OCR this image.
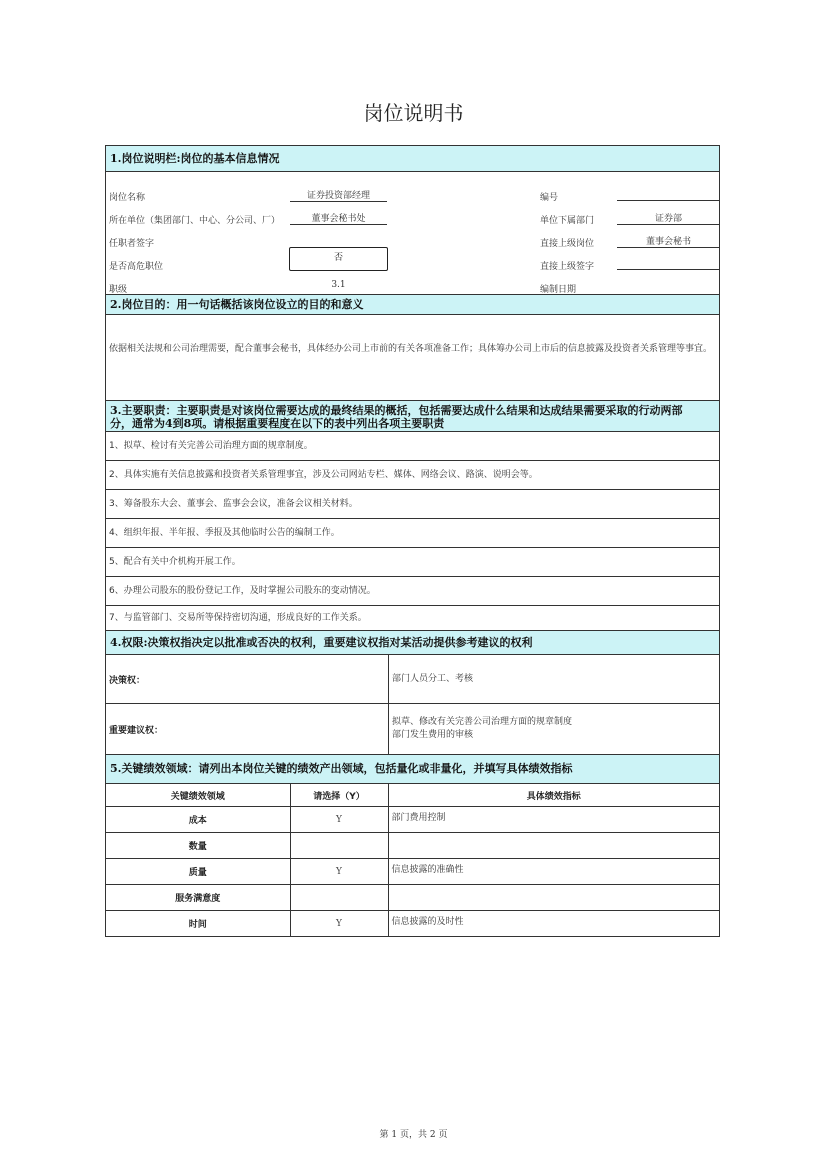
岗位说明书
1.岗位说明栏:岗位的基本信息情况
岗位名称	证券投资部经理
所在单位（集团部门、中心、分公司、厂）	董事会秘书处
任职者签字
是否高危职位
否
职级	3.1
编号
单位下属部门	证券部
直接上级岗位	董事会秘书
直接上级签字
编制日期
2.岗位目的：用一句话概括该岗位设立的目的和意义
依据相关法规和公司治理需要，配合董事会秘书，具体经办公司上市前的有关各项准备工作；具体筹办公司上市后的信息披露及投资者关系管理等事宜。
3.主要职责：主要职责是对该岗位需要达成的最终结果的概括，包括需要达成什么结果和达成结果需要采取的行动两部
分，通常为4到8项。请根据重要程度在以下的表中列出各项主要职责
1、拟草、检讨有关完善公司治理方面的规章制度。
2、具体实施有关信息披露和投资者关系管理事宜，涉及公司网站专栏、媒体、网络会议、路演、说明会等。
3、筹备股东大会、董事会、监事会会议，准备会议相关材料。
4、组织年报、半年报、季报及其他临时公告的编制工作。
5、配合有关中介机构开展工作。
6、办理公司股东的股份登记工作，及时掌握公司股东的变动情况。
7、与监管部门、交易所等保持密切沟通，形成良好的工作关系。
4.权限:决策权指决定以批准或否决的权利，重要建议权指对某活动提供参考建议的权利
决策权：	部门人员分工、考核
重要建议权：
拟草、修改有关完善公司治理方面的规章制度
部门发生费用的审核
5.关键绩效领域：请列出本岗位关键的绩效产出领域，包括量化或非量化，并填写具体绩效指标
关键绩效领域	请选择（Y）	具体绩效指标
成本	Y	部门费用控制
数量		
质量	Y	信息披露的准确性
服务满意度		
时间	Y	信息披露的及时性
第 1 页，共 2 页
